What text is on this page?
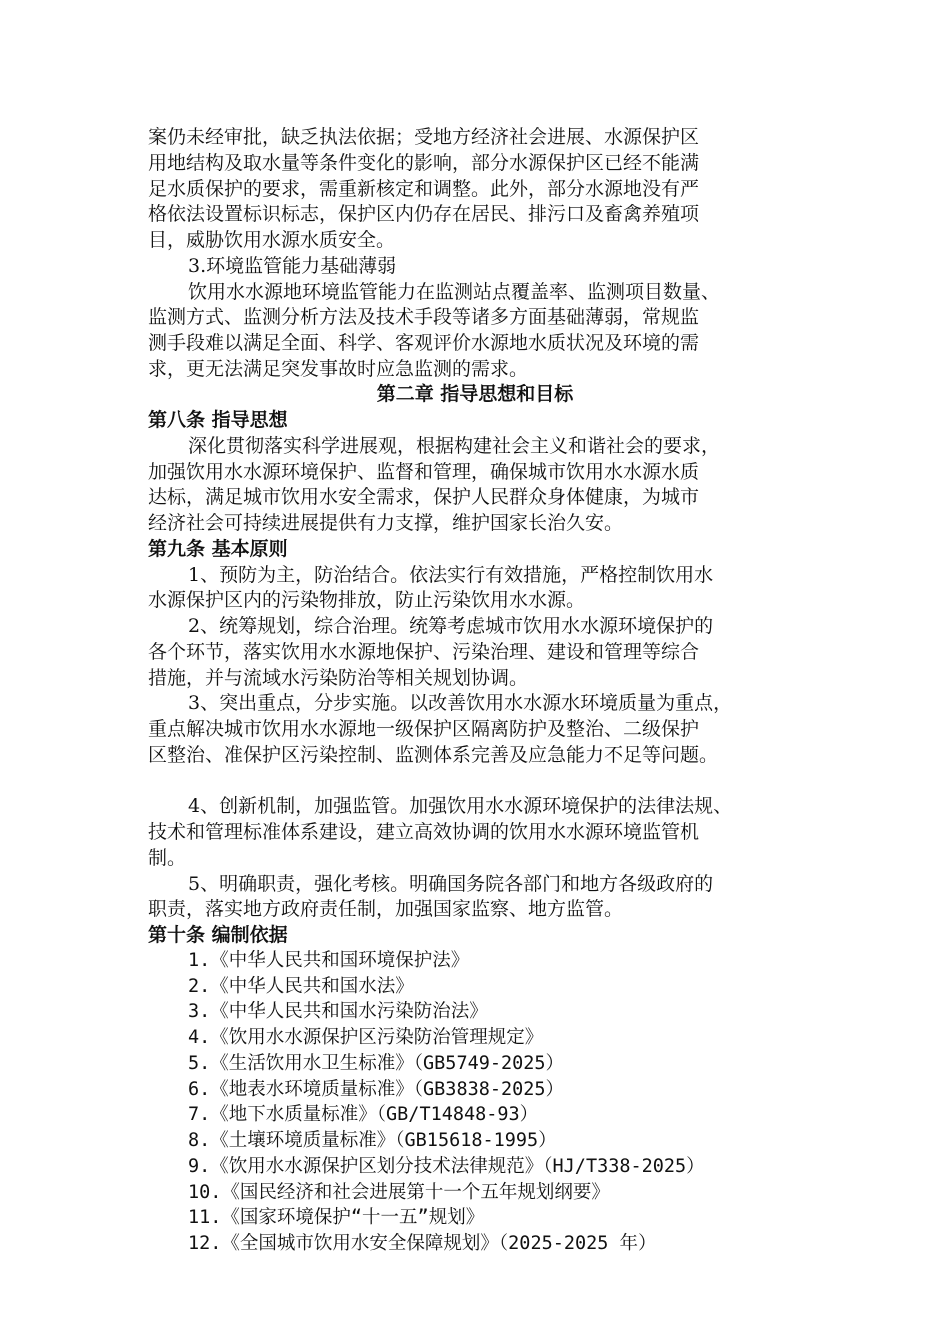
案仍未经审批，缺乏执法依据；受地方经济社会进展、水源保护区
用地结构及取水量等条件变化的影响，部分水源保护区已经不能满
足水质保护的要求，需重新核定和调整。此外，部分水源地没有严
格依法设置标识标志，保护区内仍存在居民、排污口及畜禽养殖项
目，威胁饮用水源水质安全。
3.环境监管能力基础薄弱
饮用水水源地环境监管能力在监测站点覆盖率、监测项目数量、
监测方式、监测分析方法及技术手段等诸多方面基础薄弱，常规监
测手段难以满足全面、科学、客观评价水源地水质状况及环境的需
求，更无法满足突发事故时应急监测的需求。
第二章 指导思想和目标
第八条 指导思想
深化贯彻落实科学进展观，根据构建社会主义和谐社会的要求，
加强饮用水水源环境保护、监督和管理，确保城市饮用水水源水质
达标，满足城市饮用水安全需求，保护人民群众身体健康，为城市
经济社会可持续进展提供有力支撑，维护国家长治久安。
第九条 基本原则
1、预防为主，防治结合。依法实行有效措施，严格控制饮用水
水源保护区内的污染物排放，防止污染饮用水水源。
2、统筹规划，综合治理。统筹考虑城市饮用水水源环境保护的
各个环节，落实饮用水水源地保护、污染治理、建设和管理等综合
措施，并与流域水污染防治等相关规划协调。
3、突出重点，分步实施。以改善饮用水水源水环境质量为重点，
重点解决城市饮用水水源地一级保护区隔离防护及整治、二级保护
区整治、准保护区污染控制、监测体系完善及应急能力不足等问题。
4、创新机制，加强监管。加强饮用水水源环境保护的法律法规、
技术和管理标准体系建设，建立高效协调的饮用水水源环境监管机
制。
5、明确职责，强化考核。明确国务院各部门和地方各级政府的
职责，落实地方政府责任制，加强国家监察、地方监管。
第十条 编制依据
1.《中华人民共和国环境保护法》
2.《中华人民共和国水法》
3.《中华人民共和国水污染防治法》
4.《饮用水水源保护区污染防治管理规定》
5.《生活饮用水卫生标准》（GB5749-2025）
6.《地表水环境质量标准》（GB3838-2025）
7.《地下水质量标准》（GB/T14848-93）
8.《土壤环境质量标准》（GB15618-1995）
9.《饮用水水源保护区划分技术法律规范》（HJ/T338-2025）
10.《国民经济和社会进展第十一个五年规划纲要》
11.《国家环境保护“十一五”规划》
12.《全国城市饮用水安全保障规划》（2025-2025 年）
